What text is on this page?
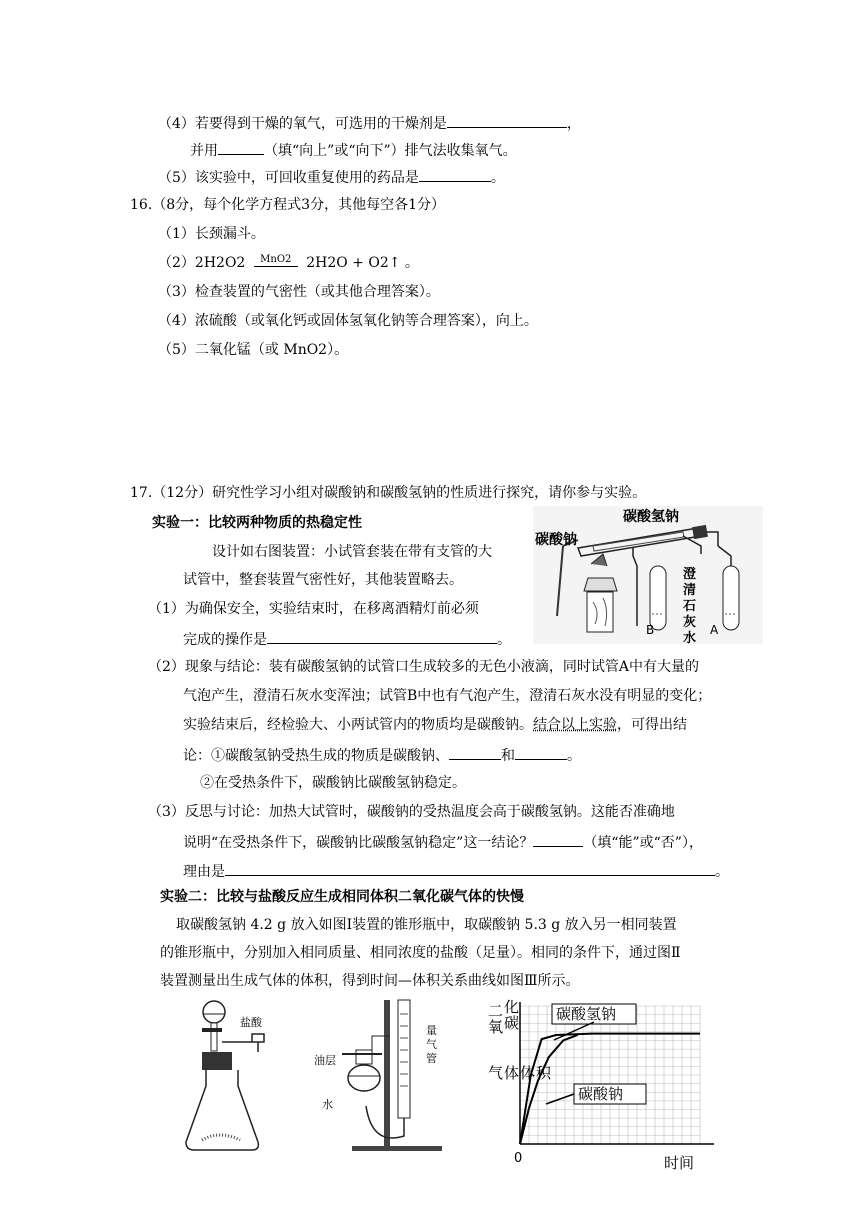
（4）若要得到干燥的氧气，可选用的干燥剂是	，
并用	（填“向上”或“向下”）排气法收集氧气。
（5）该实验中，可回收重复使用的药品是	。
16.（8分，每个化学方程式3分，其他每空各1分）
（1）长颈漏斗。
（2）2H2O2	MnO2	2H2O + O2↑ 。
（3）检查装置的气密性（或其他合理答案）。
（4）浓硫酸（或氧化钙或固体氢氧化钠等合理答案），向上。
（5）二氧化锰（或 MnO2）。
17.（12分）研究性学习小组对碳酸钠和碳酸氢钠的性质进行探究，请你参与实验。
实验一：比较两种物质的热稳定性
设计如右图装置：小试管套装在带有支管的大
试管中，整套装置气密性好，其他装置略去。
（1）为确保安全，实验结束时，在移离酒精灯前必须
完成的操作是	。
碳酸氢钠
碳酸钠
澄
清
石
灰
水
A
B
（2）现象与结论：装有碳酸氢钠的试管口生成较多的无色小液滴，同时试管A中有大量的
气泡产生，澄清石灰水变浑浊；试管B中也有气泡产生，澄清石灰水没有明显的变化；
实验结束后，经检验大、小两试管内的物质均是碳酸钠。结合以上实验，可得出结
论：①碳酸氢钠受热生成的物质是碳酸钠、	和	。
②在受热条件下，碳酸钠比碳酸氢钠稳定。
（3）反思与讨论：加热大试管时，碳酸钠的受热温度会高于碳酸氢钠。这能否准确地
说明“在受热条件下，碳酸钠比碳酸氢钠稳定”这一结论？	（填“能”或“否”），
理由是	。
实验二：比较与盐酸反应生成相同体积二氧化碳气体的快慢
取碳酸氢钠 4.2 g 放入如图Ⅰ装置的锥形瓶中，取碳酸钠 5.3 g 放入另一相同装置
的锥形瓶中，分别加入相同质量、相同浓度的盐酸（足量）。相同的条件下，通过图Ⅱ
装置测量出生成气体的体积，得到时间—体积关系曲线如图Ⅲ所示。
盐酸
油层
水
量
气
管
碳酸氢钠
碳酸钠
二
氧
化
碳
气 体 体 积
时间
0
